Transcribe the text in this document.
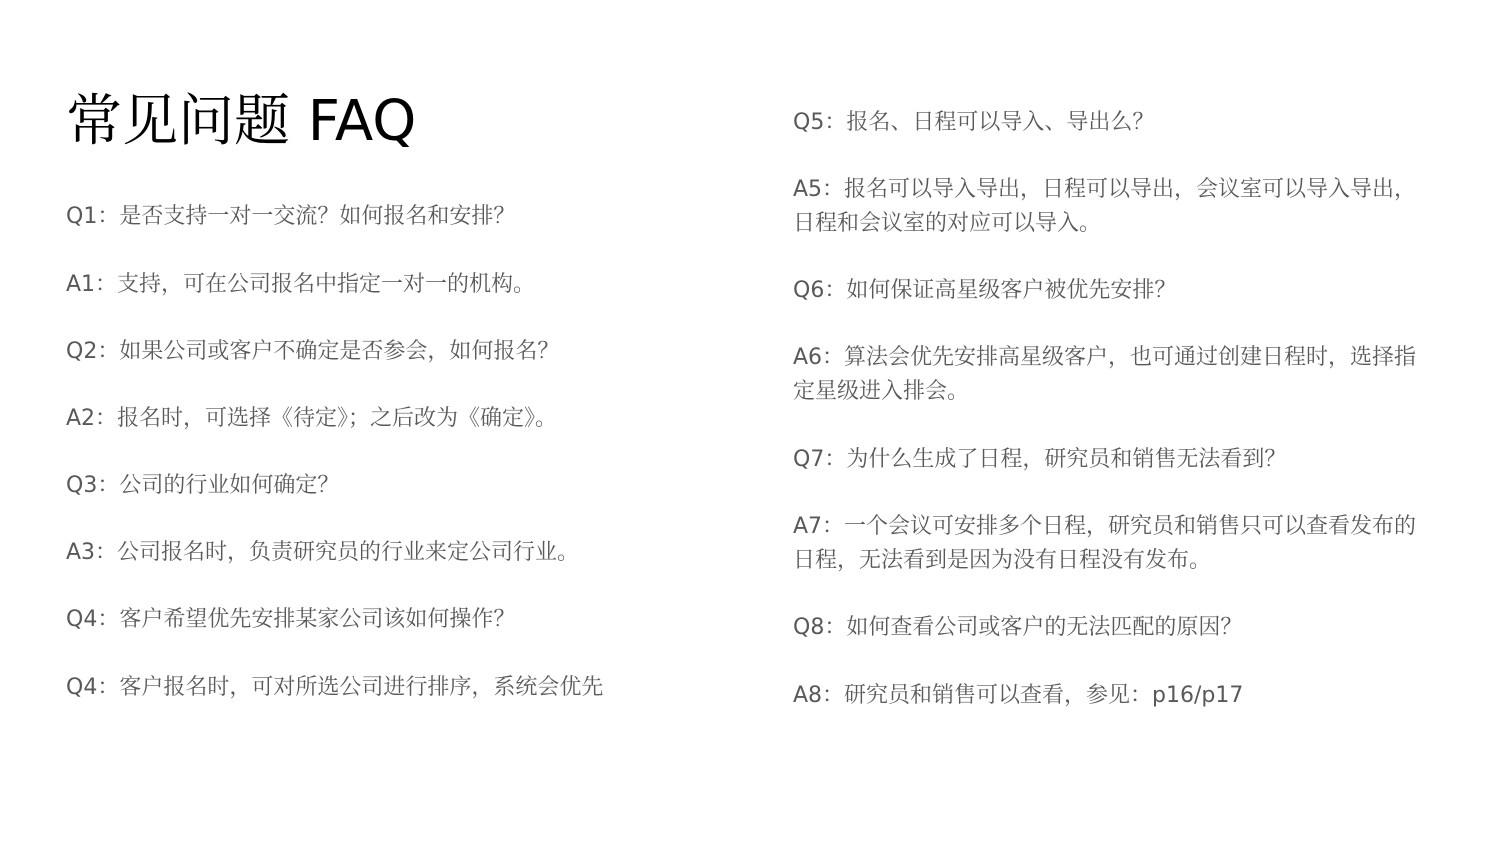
常见问题 FAQ
Q1：是否支持一对一交流？如何报名和安排？
A1：支持，可在公司报名中指定一对一的机构。
Q2：如果公司或客户不确定是否参会，如何报名？
A2：报名时，可选择《待定》；之后改为《确定》。
Q3：公司的行业如何确定？
A3：公司报名时，负责研究员的行业来定公司行业。
Q4：客户希望优先安排某家公司该如何操作？
Q4：客户报名时，可对所选公司进行排序，系统会优先
Q5：报名、日程可以导入、导出么？
A5：报名可以导入导出，日程可以导出，会议室可以导入导出，日程和会议室的对应可以导入。
Q6：如何保证高星级客户被优先安排？
A6：算法会优先安排高星级客户，也可通过创建日程时，选择指定星级进入排会。
Q7：为什么生成了日程，研究员和销售无法看到？
A7：一个会议可安排多个日程，研究员和销售只可以查看发布的日程，无法看到是因为没有日程没有发布。
Q8：如何查看公司或客户的无法匹配的原因？
A8：研究员和销售可以查看，参见：p16/p17
